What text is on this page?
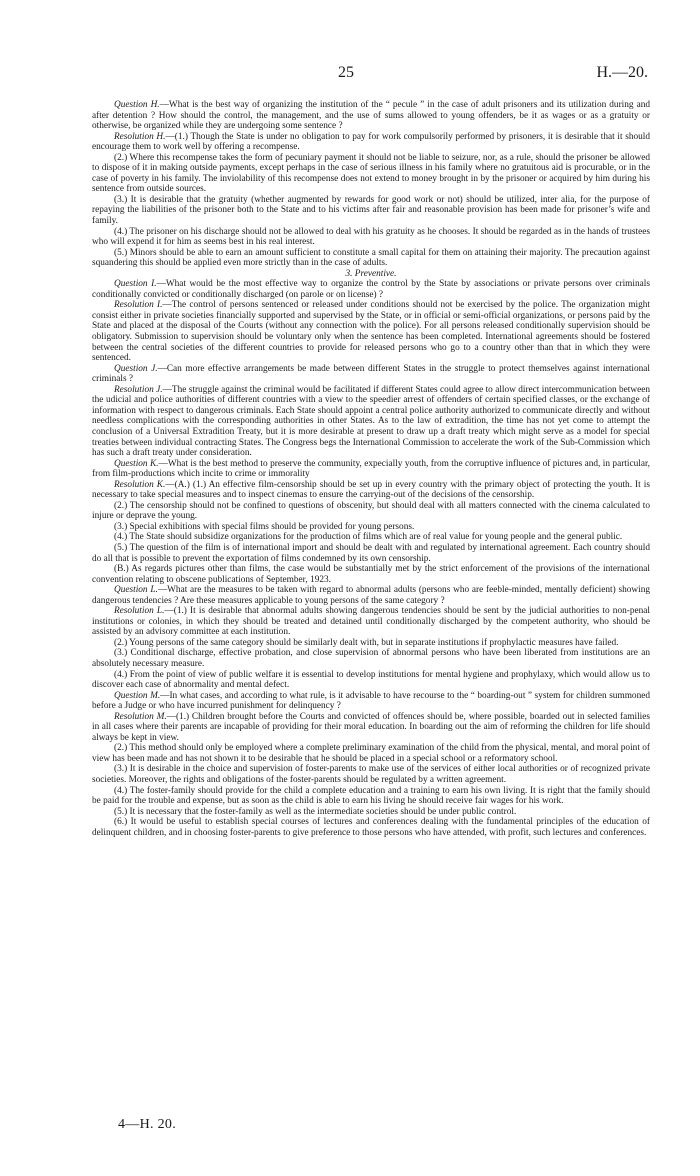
25	H.—20.

Question H.—What is the best way of organizing the institution of the “ pecule ” in the case of adult prisoners and its utilization during and after detention ? How should the control, the management, and the use of sums allowed to young offenders, be it as wages or as a gratuity or otherwise, be organized while they are undergoing some sentence ?

Resolution H.—(1.) Though the State is under no obligation to pay for work compulsorily performed by prisoners, it is desirable that it should encourage them to work well by offering a recompense.

(2.) Where this recompense takes the form of pecuniary payment it should not be liable to seizure, nor, as a rule, should the prisoner be allowed to dispose of it in making outside payments, except perhaps in the case of serious illness in his family where no gratuitous aid is procurable, or in the case of poverty in his family. The inviolability of this recompense does not extend to money brought in by the prisoner or acquired by him during his sentence from outside sources.

(3.) It is desirable that the gratuity (whether augmented by rewards for good work or not) should be utilized, inter alia, for the purpose of repaying the liabilities of the prisoner both to the State and to his victims after fair and reasonable provision has been made for prisoner’s wife and family.

(4.) The prisoner on his discharge should not be allowed to deal with his gratuity as he chooses. It should be regarded as in the hands of trustees who will expend it for him as seems best in his real interest.

(5.) Minors should be able to earn an amount sufficient to constitute a small capital for them on attaining their majority. The precaution against squandering this should be applied even more strictly than in the case of adults.

3. Preventive.

Question I.—What would be the most effective way to organize the control by the State by associations or private persons over criminals conditionally convicted or conditionally discharged (on parole or on license) ?

Resolution I.—The control of persons sentenced or released under conditions should not be exercised by the police. The organization might consist either in private societies financially supported and supervised by the State, or in official or semi-official organizations, or persons paid by the State and placed at the disposal of the Courts (without any connection with the police). For all persons released conditionally supervision should be obligatory. Submission to supervision should be voluntary only when the sentence has been completed. International agreements should be fostered between the central societies of the different countries to provide for released persons who go to a country other than that in which they were sentenced.

Question J.—Can more effective arrangements be made between different States in the struggle to protect themselves against international criminals ?

Resolution J.—The struggle against the criminal would be facilitated if different States could agree to allow direct intercommunication between the udicial and police authorities of different countries with a view to the speedier arrest of offenders of certain specified classes, or the exchange of information with respect to dangerous criminals. Each State should appoint a central police authority authorized to communicate directly and without needless complications with the corresponding authorities in other States. As to the law of extradition, the time has not yet come to attempt the conclusion of a Universal Extradition Treaty, but it is more desirable at present to draw up a draft treaty which might serve as a model for special treaties between individual contracting States. The Congress begs the International Commission to accelerate the work of the Sub-Commission which has such a draft treaty under consideration.

Question K.—What is the best method to preserve the community, expecially youth, from the corruptive influence of pictures and, in particular, from film-productions which incite to crime or immorality

Resolution K.—(A.) (1.) An effective film-censorship should be set up in every country with the primary object of protecting the youth. It is necessary to take special measures and to inspect cinemas to ensure the carrying-out of the decisions of the censorship.

(2.) The censorship should not be confined to questions of obscenity, but should deal with all matters connected with the cinema calculated to injure or deprave the young.

(3.) Special exhibitions with special films should be provided for young persons.

(4.) The State should subsidize organizations for the production of films which are of real value for young people and the general public.

(5.) The question of the film is of international import and should be dealt with and regulated by international agreement. Each country should do all that is possible to prevent the exportation of films condemned by its own censorship.

(B.) As regards pictures other than films, the case would be substantially met by the strict enforcement of the provisions of the international convention relating to obscene publications of September, 1923.

Question L.—What are the measures to be taken with regard to abnormal adults (persons who are feeble-minded, mentally deficient) showing dangerous tendencies ? Are these measures applicable to young persons of the same category ?

Resolution L.—(1.) It is desirable that abnormal adults showing dangerous tendencies should be sent by the judicial authorities to non-penal institutions or colonies, in which they should be treated and detained until conditionally discharged by the competent authority, who should be assisted by an advisory committee at each institution.

(2.) Young persons of the same category should be similarly dealt with, but in separate institutions if prophylactic measures have failed.

(3.) Conditional discharge, effective probation, and close supervision of abnormal persons who have been liberated from institutions are an absolutely necessary measure.

(4.) From the point of view of public welfare it is essential to develop institutions for mental hygiene and prophylaxy, which would allow us to discover each case of abnormality and mental defect.

Question M.—In what cases, and according to what rule, is it advisable to have recourse to the “ boarding-out ” system for children summoned before a Judge or who have incurred punishment for delinquency ?

Resolution M.—(1.) Children brought before the Courts and convicted of offences should be, where possible, boarded out in selected families in all cases where their parents are incapable of providing for their moral education. In boarding out the aim of reforming the children for life should always be kept in view.

(2.) This method should only be employed where a complete preliminary examination of the child from the physical, mental, and moral point of view has been made and has not shown it to be desirable that he should be placed in a special school or a reformatory school.

(3.) It is desirable in the choice and supervision of foster-parents to make use of the services of either local authorities or of recognized private societies. Moreover, the rights and obligations of the foster-parents should be regulated by a written agreement.

(4.) The foster-family should provide for the child a complete education and a training to earn his own living. It is right that the family should be paid for the trouble and expense, but as soon as the child is able to earn his living he should receive fair wages for his work.

(5.) It is necessary that the foster-family as well as the intermediate societies should be under public control.

(6.) It would be useful to establish special courses of lectures and conferences dealing with the fundamental principles of the education of delinquent children, and in choosing foster-parents to give preference to those persons who have attended, with profit, such lectures and conferences.

4—H. 20.
